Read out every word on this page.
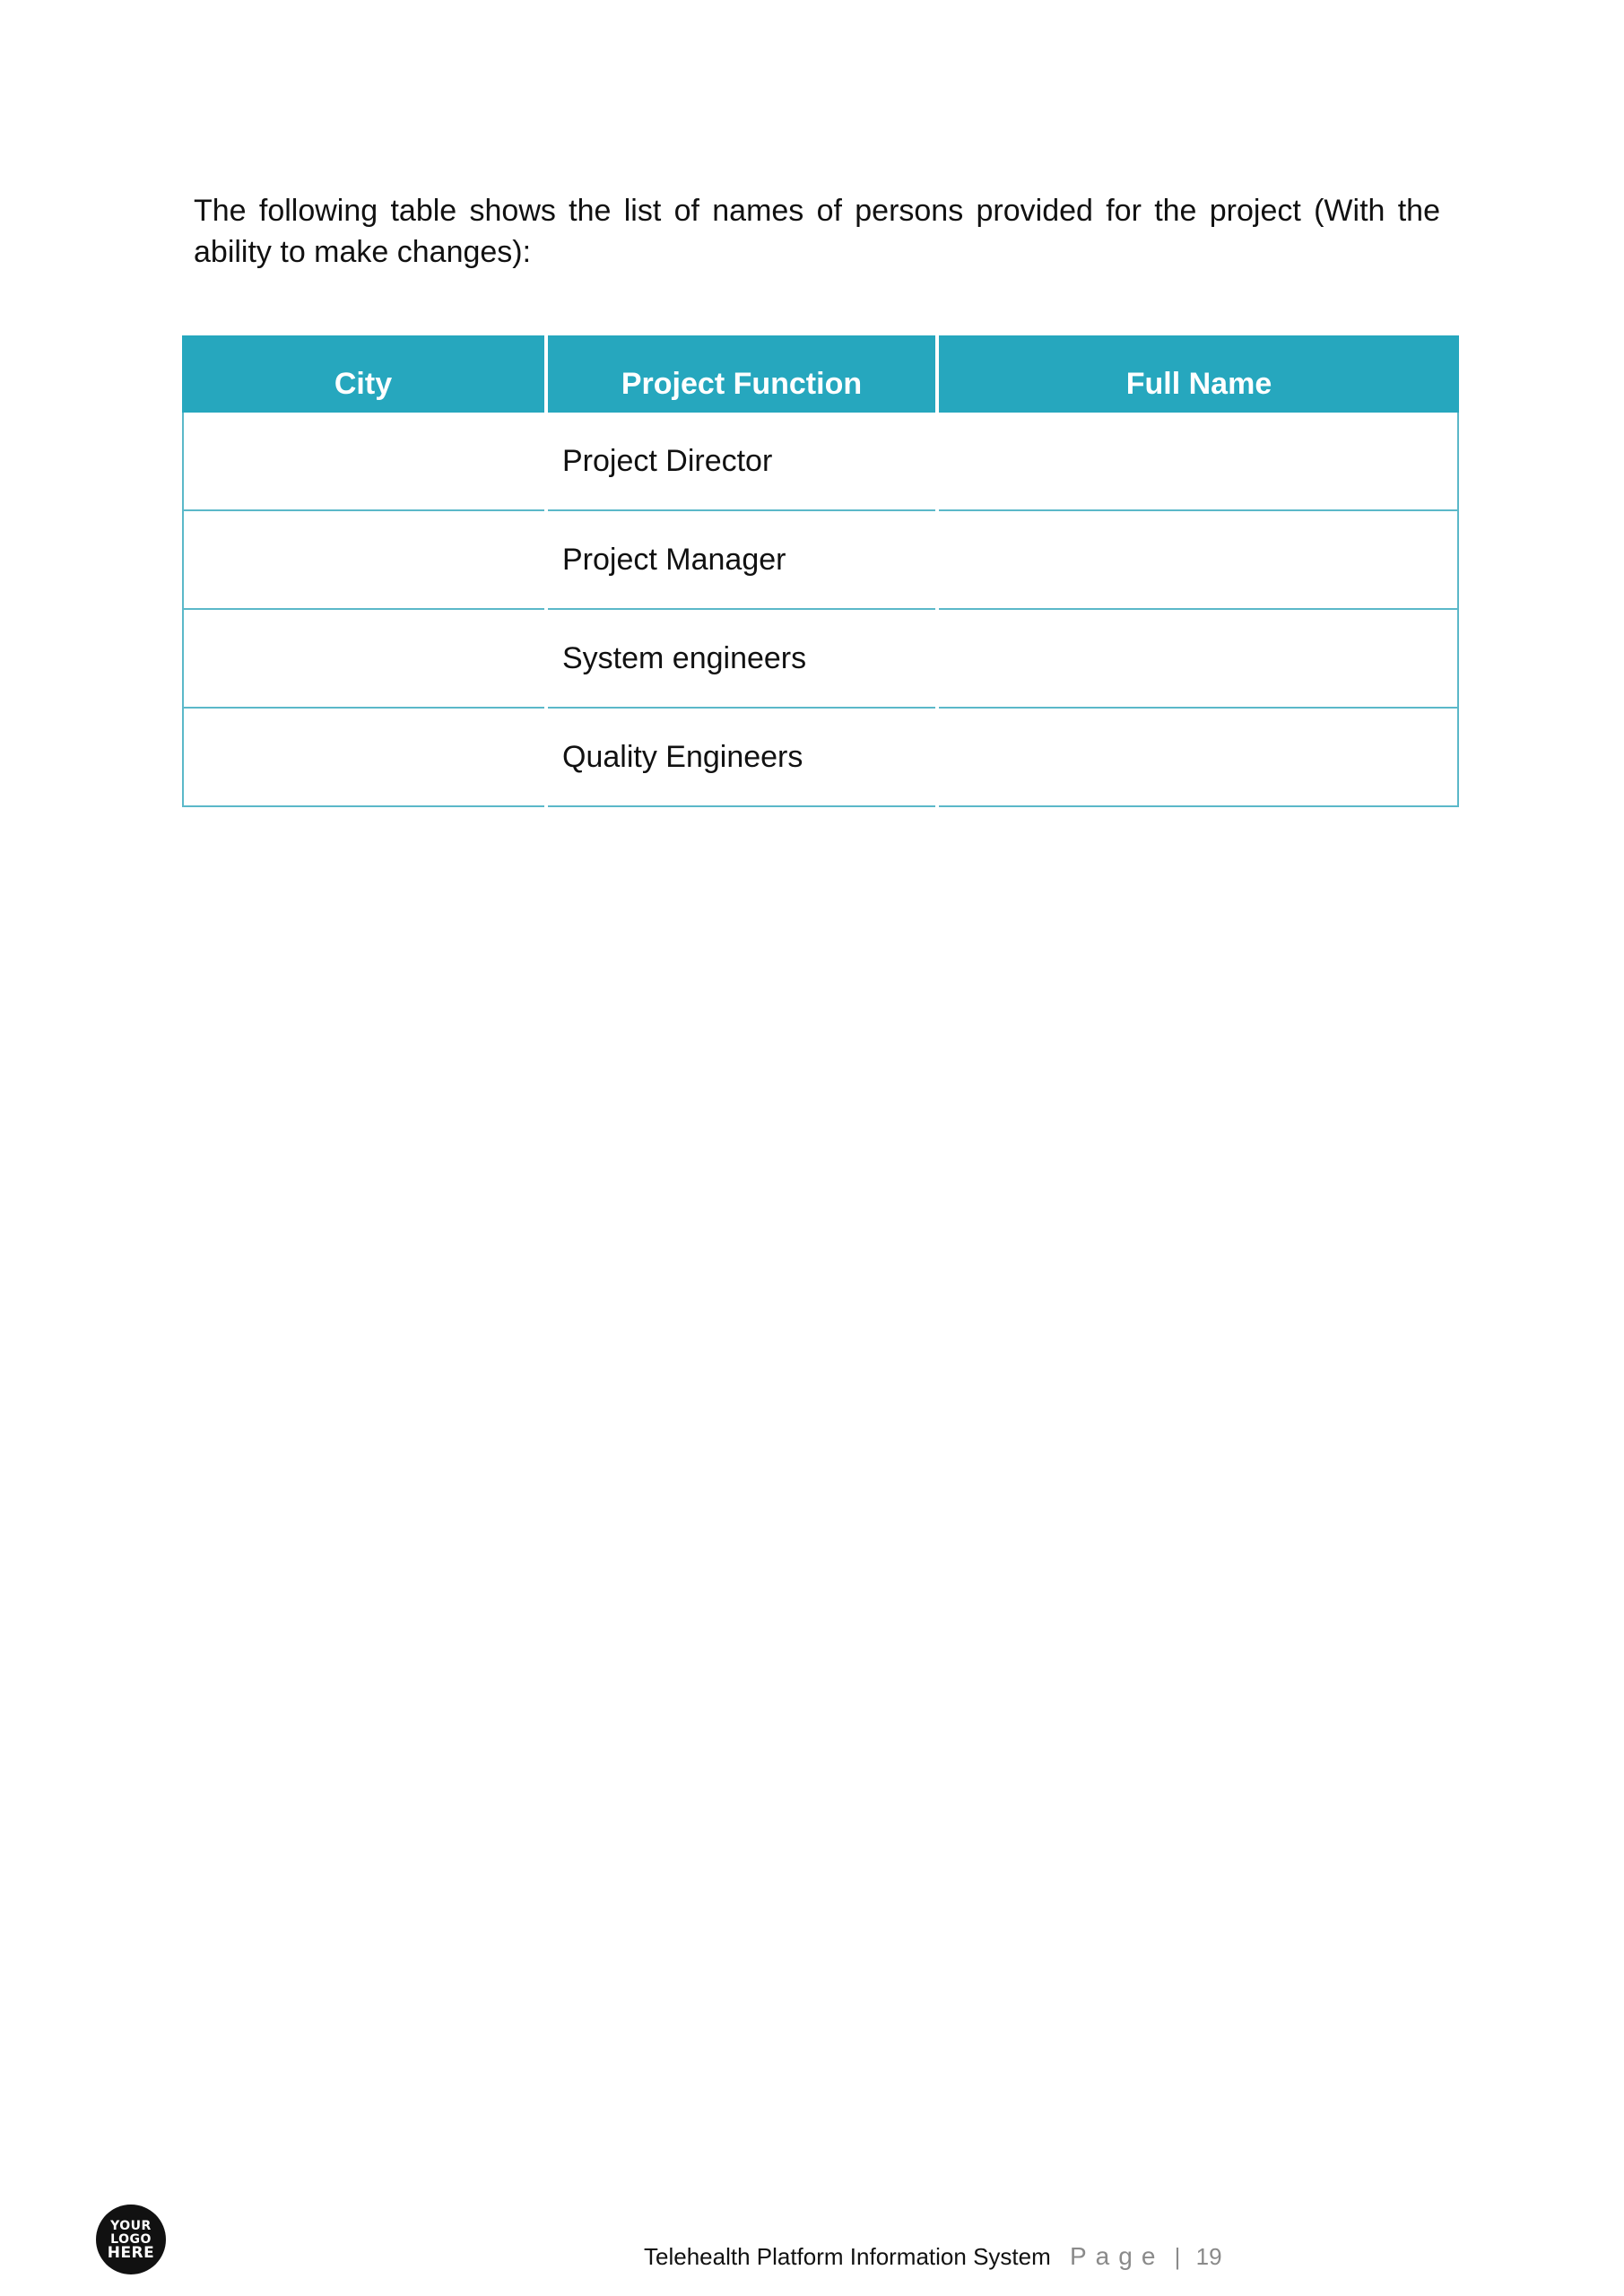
The following table shows the list of names of persons provided for the project (With the ability to make changes):

City	Project Function	Full Name
	Project Director	
	Project Manager	
	System engineers	
	Quality Engineers	
YOUR
LOGO
HERE	Telehealth Platform Information System Page | 19
